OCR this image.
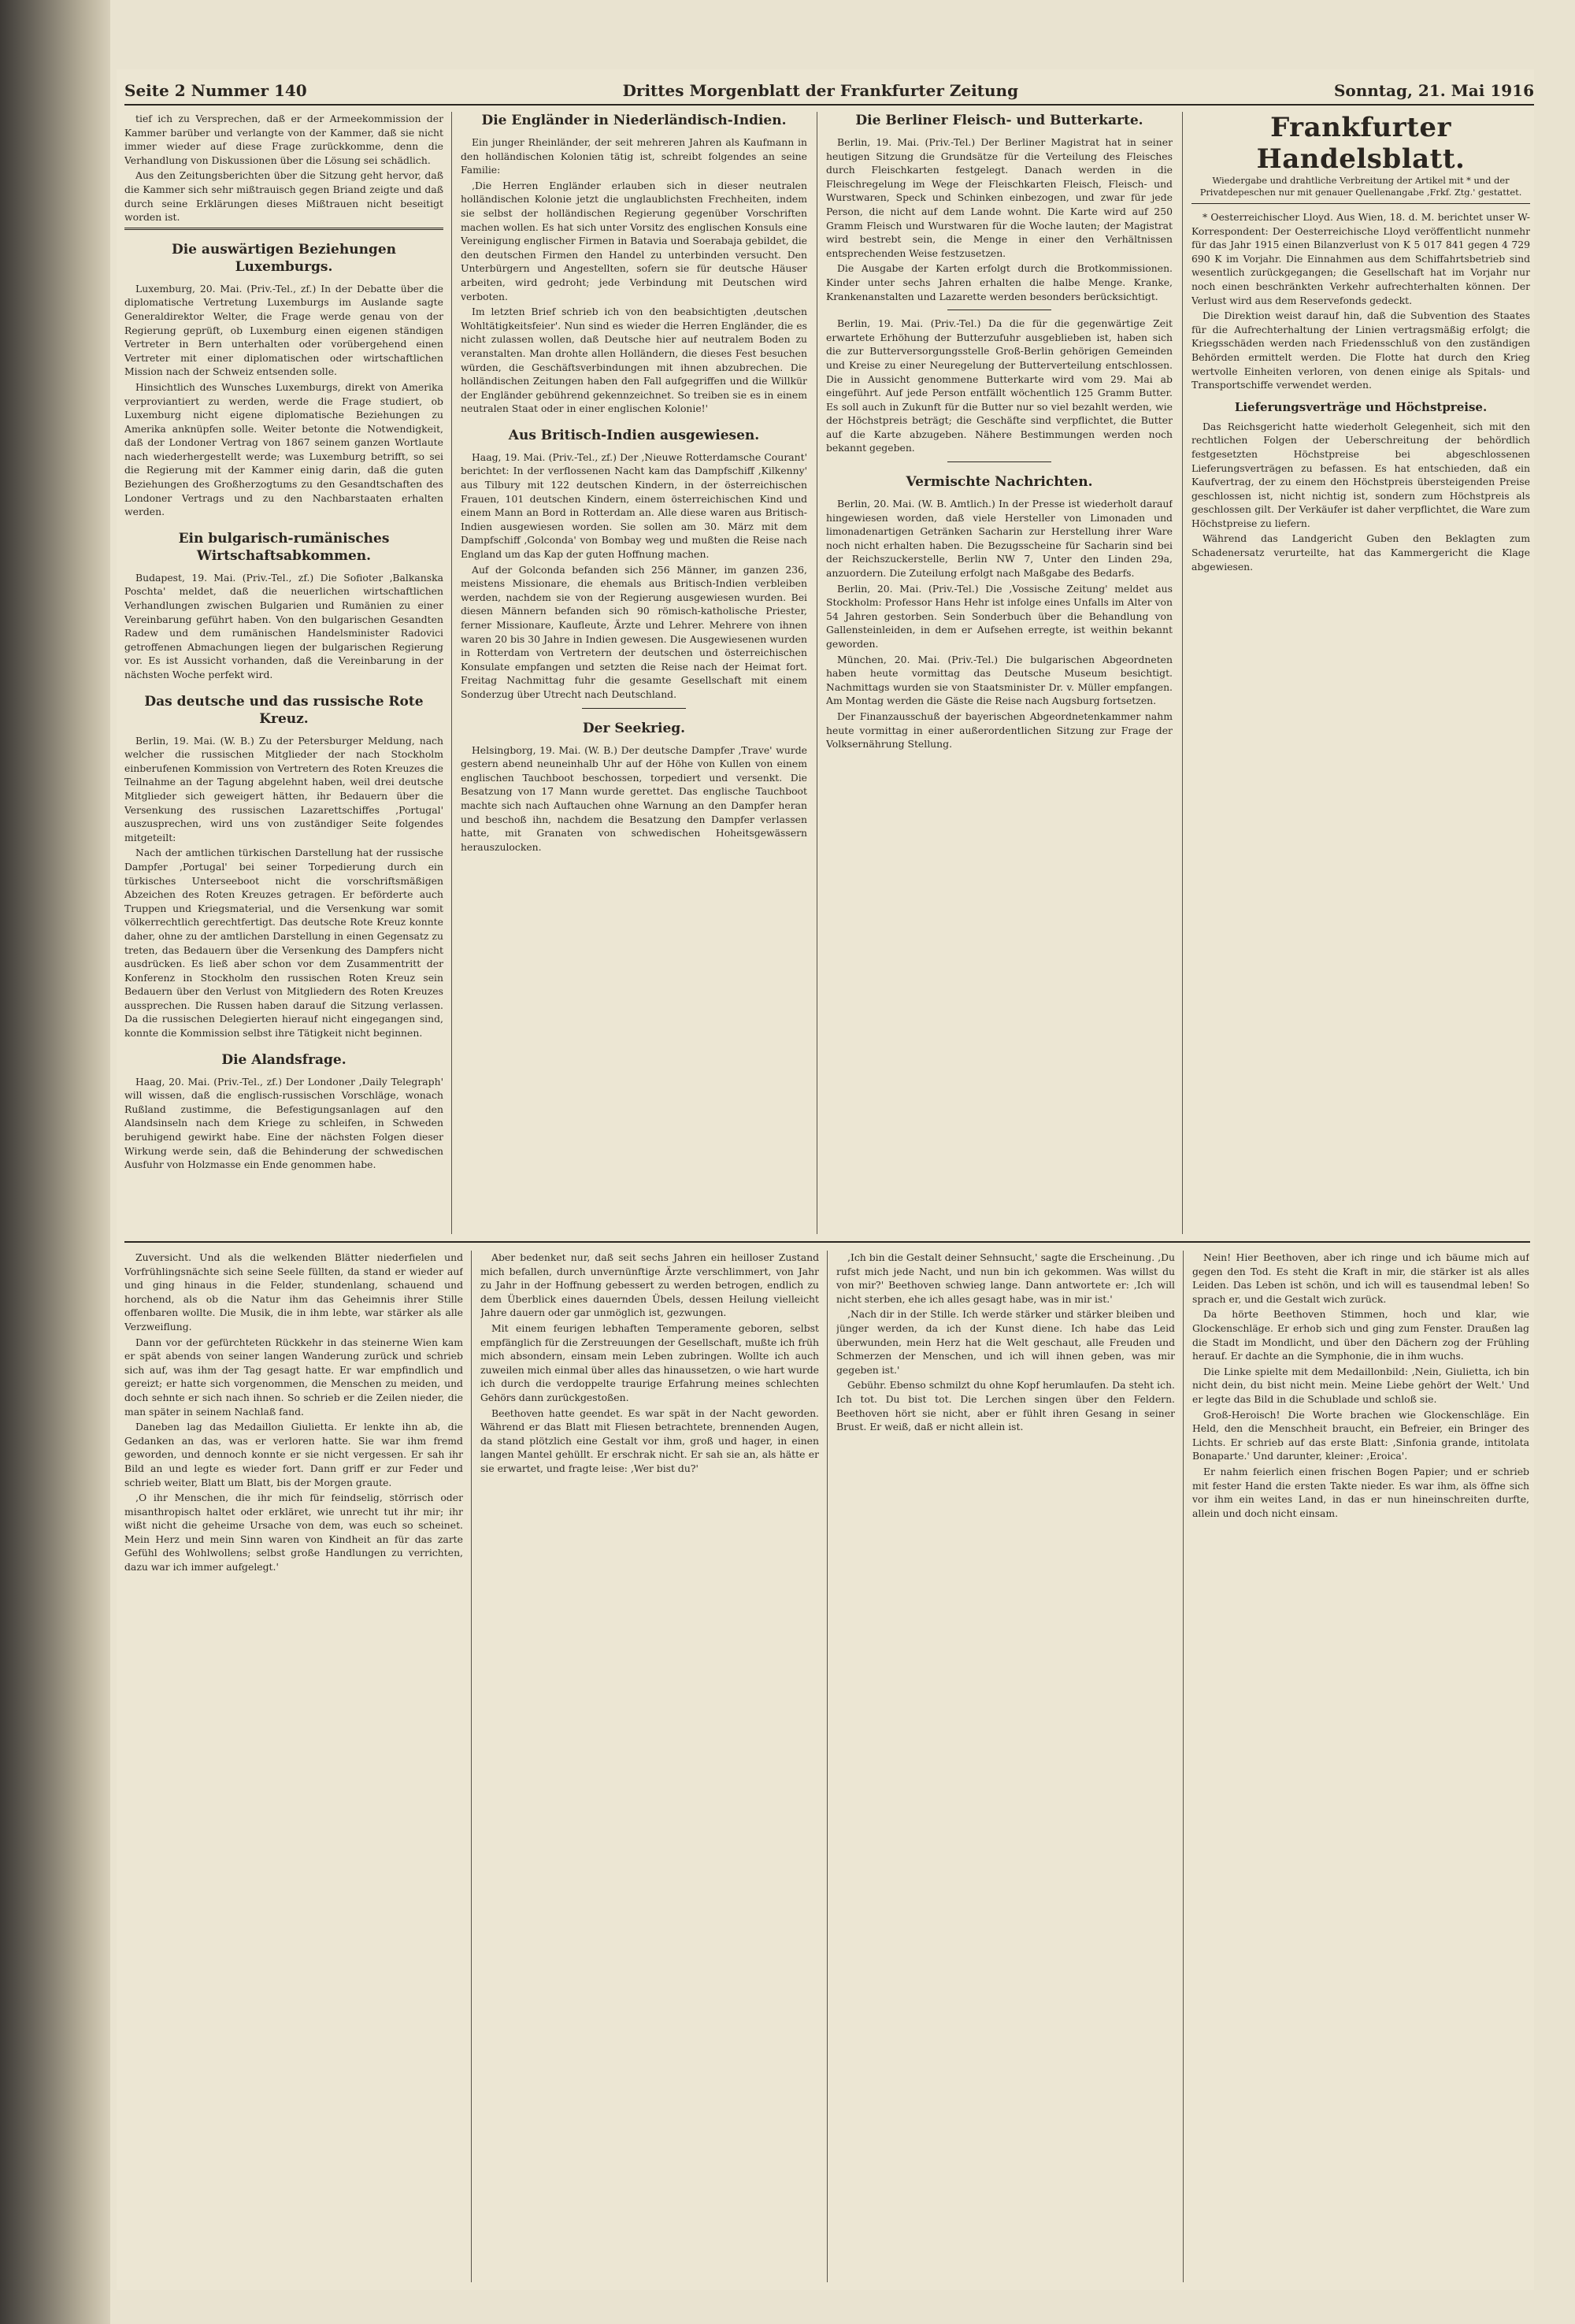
Seite 2 Nummer 140	Drittes Morgenblatt der Frankfurter Zeitung	Sonntag, 21. Mai 1916

tief ich zu Versprechen, daß er der Armeekommission der Kammer barüber und verlangte von der Kammer, daß sie nicht immer wieder auf diese Frage zurückkomme, denn die Verhandlung von Diskussionen über die Lösung sei schädlich.

Aus den Zeitungsberichten über die Sitzung geht hervor, daß die Kammer sich sehr mißtrauisch gegen Briand zeigte und daß durch seine Erklärungen dieses Mißtrauen nicht beseitigt worden ist.

Die auswärtigen Beziehungen Luxemburgs.

Luxemburg, 20. Mai. (Priv.-Tel., zf.) In der Debatte über die diplomatische Vertretung Luxemburgs im Auslande sagte Generaldirektor Welter, die Frage werde genau von der Regierung geprüft, ob Luxemburg einen eigenen ständigen Vertreter in Bern unterhalten oder vorübergehend einen Vertreter mit einer diplomatischen oder wirtschaftlichen Mission nach der Schweiz entsenden solle.

Hinsichtlich des Wunsches Luxemburgs, direkt von Amerika verproviantiert zu werden, werde die Frage studiert, ob Luxemburg nicht eigene diplomatische Beziehungen zu Amerika anknüpfen solle. Weiter betonte die Notwendigkeit, daß der Londoner Vertrag von 1867 seinem ganzen Wortlaute nach wiederhergestellt werde; was Luxemburg betrifft, so sei die Regierung mit der Kammer einig darin, daß die guten Beziehungen des Großherzogtums zu den Gesandtschaften des Londoner Vertrags und zu den Nachbarstaaten erhalten werden.

Ein bulgarisch-rumänisches Wirtschaftsabkommen.

Budapest, 19. Mai. (Priv.-Tel., zf.) Die Sofioter ‚Balkanska Poschta' meldet, daß die neuerlichen wirtschaftlichen Verhandlungen zwischen Bulgarien und Rumänien zu einer Vereinbarung geführt haben. Von den bulgarischen Gesandten Radew und dem rumänischen Handelsminister Radovici getroffenen Abmachungen liegen der bulgarischen Regierung vor. Es ist Aussicht vorhanden, daß die Vereinbarung in der nächsten Woche perfekt wird.

Das deutsche und das russische Rote Kreuz.

Berlin, 19. Mai. (W. B.) Zu der Petersburger Meldung, nach welcher die russischen Mitglieder der nach Stockholm einberufenen Kommission von Vertretern des Roten Kreuzes die Teilnahme an der Tagung abgelehnt haben, weil drei deutsche Mitglieder sich geweigert hätten, ihr Bedauern über die Versenkung des russischen Lazarettschiffes ‚Portugal' auszusprechen, wird uns von zuständiger Seite folgendes mitgeteilt:

Nach der amtlichen türkischen Darstellung hat der russische Dampfer ‚Portugal' bei seiner Torpedierung durch ein türkisches Unterseeboot nicht die vorschriftsmäßigen Abzeichen des Roten Kreuzes getragen. Er beförderte auch Truppen und Kriegsmaterial, und die Versenkung war somit völkerrechtlich gerechtfertigt. Das deutsche Rote Kreuz konnte daher, ohne zu der amtlichen Darstellung in einen Gegensatz zu treten, das Bedauern über die Versenkung des Dampfers nicht ausdrücken. Es ließ aber schon vor dem Zusammentritt der Konferenz in Stockholm den russischen Roten Kreuz sein Bedauern über den Verlust von Mitgliedern des Roten Kreuzes aussprechen. Die Russen haben darauf die Sitzung verlassen. Da die russischen Delegierten hierauf nicht eingegangen sind, konnte die Kommission selbst ihre Tätigkeit nicht beginnen.

Die Alandsfrage.

Haag, 20. Mai. (Priv.-Tel., zf.) Der Londoner ‚Daily Telegraph' will wissen, daß die englisch-russischen Vorschläge, wonach Rußland zustimme, die Befestigungsanlagen auf den Alandsinseln nach dem Kriege zu schleifen, in Schweden beruhigend gewirkt habe. Eine der nächsten Folgen dieser Wirkung werde sein, daß die Behinderung der schwedischen Ausfuhr von Holzmasse ein Ende genommen habe.

Die Engländer in Niederländisch-Indien.

Ein junger Rheinländer, der seit mehreren Jahren als Kaufmann in den holländischen Kolonien tätig ist, schreibt folgendes an seine Familie:

‚Die Herren Engländer erlauben sich in dieser neutralen holländischen Kolonie jetzt die unglaublichsten Frechheiten, indem sie selbst der holländischen Regierung gegenüber Vorschriften machen wollen. Es hat sich unter Vorsitz des englischen Konsuls eine Vereinigung englischer Firmen in Batavia und Soerabaja gebildet, die den deutschen Firmen den Handel zu unterbinden versucht. Den Unterbürgern und Angestellten, sofern sie für deutsche Häuser arbeiten, wird gedroht; jede Verbindung mit Deutschen wird verboten.

Im letzten Brief schrieb ich von den beabsichtigten ‚deutschen Wohltätigkeitsfeier'. Nun sind es wieder die Herren Engländer, die es nicht zulassen wollen, daß Deutsche hier auf neutralem Boden zu veranstalten. Man drohte allen Holländern, die dieses Fest besuchen würden, die Geschäftsverbindungen mit ihnen abzubrechen. Die holländischen Zeitungen haben den Fall aufgegriffen und die Willkür der Engländer gebührend gekennzeichnet. So treiben sie es in einem neutralen Staat oder in einer englischen Kolonie!'

Aus Britisch-Indien ausgewiesen.

Haag, 19. Mai. (Priv.-Tel., zf.) Der ‚Nieuwe Rotterdamsche Courant' berichtet: In der verflossenen Nacht kam das Dampfschiff ‚Kilkenny' aus Tilbury mit 122 deutschen Kindern, in der österreichischen Frauen, 101 deutschen Kindern, einem österreichischen Kind und einem Mann an Bord in Rotterdam an. Alle diese waren aus Britisch-Indien ausgewiesen worden. Sie sollen am 30. März mit dem Dampfschiff ‚Golconda' von Bombay weg und mußten die Reise nach England um das Kap der guten Hoffnung machen.

Auf der Golconda befanden sich 256 Männer, im ganzen 236, meistens Missionare, die ehemals aus Britisch-Indien verbleiben werden, nachdem sie von der Regierung ausgewiesen wurden. Bei diesen Männern befanden sich 90 römisch-katholische Priester, ferner Missionare, Kaufleute, Ärzte und Lehrer. Mehrere von ihnen waren 20 bis 30 Jahre in Indien gewesen. Die Ausgewiesenen wurden in Rotterdam von Vertretern der deutschen und österreichischen Konsulate empfangen und setzten die Reise nach der Heimat fort. Freitag Nachmittag fuhr die gesamte Gesellschaft mit einem Sonderzug über Utrecht nach Deutschland.

Der Seekrieg.

Helsingborg, 19. Mai. (W. B.) Der deutsche Dampfer ‚Trave' wurde gestern abend neuneinhalb Uhr auf der Höhe von Kullen von einem englischen Tauchboot beschossen, torpediert und versenkt. Die Besatzung von 17 Mann wurde gerettet. Das englische Tauchboot machte sich nach Auftauchen ohne Warnung an den Dampfer heran und beschoß ihn, nachdem die Besatzung den Dampfer verlassen hatte, mit Granaten von schwedischen Hoheitsgewässern herauszulocken.

Die Berliner Fleisch- und Butterkarte.

Berlin, 19. Mai. (Priv.-Tel.) Der Berliner Magistrat hat in seiner heutigen Sitzung die Grundsätze für die Verteilung des Fleisches durch Fleischkarten festgelegt. Danach werden in die Fleischregelung im Wege der Fleischkarten Fleisch, Fleisch- und Wurstwaren, Speck und Schinken einbezogen, und zwar für jede Person, die nicht auf dem Lande wohnt. Die Karte wird auf 250 Gramm Fleisch und Wurstwaren für die Woche lauten; der Magistrat wird bestrebt sein, die Menge in einer den Verhältnissen entsprechenden Weise festzusetzen.

Die Ausgabe der Karten erfolgt durch die Brotkommissionen. Kinder unter sechs Jahren erhalten die halbe Menge. Kranke, Krankenanstalten und Lazarette werden besonders berücksichtigt.

Berlin, 19. Mai. (Priv.-Tel.) Da die für die gegenwärtige Zeit erwartete Erhöhung der Butterzufuhr ausgeblieben ist, haben sich die zur Butterversorgungsstelle Groß-Berlin gehörigen Gemeinden und Kreise zu einer Neuregelung der Butterverteilung entschlossen. Die in Aussicht genommene Butterkarte wird vom 29. Mai ab eingeführt. Auf jede Person entfällt wöchentlich 125 Gramm Butter. Es soll auch in Zukunft für die Butter nur so viel bezahlt werden, wie der Höchstpreis beträgt; die Geschäfte sind verpflichtet, die Butter auf die Karte abzugeben. Nähere Bestimmungen werden noch bekannt gegeben.

Vermischte Nachrichten.

Berlin, 20. Mai. (W. B. Amtlich.) In der Presse ist wiederholt darauf hingewiesen worden, daß viele Hersteller von Limonaden und limonadenartigen Getränken Sacharin zur Herstellung ihrer Ware noch nicht erhalten haben. Die Bezugsscheine für Sacharin sind bei der Reichszuckerstelle, Berlin NW 7, Unter den Linden 29a, anzuordern. Die Zuteilung erfolgt nach Maßgabe des Bedarfs.

Berlin, 20. Mai. (Priv.-Tel.) Die ‚Vossische Zeitung' meldet aus Stockholm: Professor Hans Hehr ist infolge eines Unfalls im Alter von 54 Jahren gestorben. Sein Sonderbuch über die Behandlung von Gallensteinleiden, in dem er Aufsehen erregte, ist weithin bekannt geworden.

München, 20. Mai. (Priv.-Tel.) Die bulgarischen Abgeordneten haben heute vormittag das Deutsche Museum besichtigt. Nachmittags wurden sie von Staatsminister Dr. v. Müller empfangen. Am Montag werden die Gäste die Reise nach Augsburg fortsetzen.

Der Finanzausschuß der bayerischen Abgeordnetenkammer nahm heute vormittag in einer außerordentlichen Sitzung zur Frage der Volksernährung Stellung.

Frankfurter Handelsblatt.
Wiedergabe und drahtliche Verbreitung der Artikel mit * und der Privatdepeschen nur mit genauer Quellenangabe ‚Frkf. Ztg.' gestattet.

* Oesterreichischer Lloyd. Aus Wien, 18. d. M. berichtet unser W-Korrespondent: Der Oesterreichische Lloyd veröffentlicht nunmehr für das Jahr 1915 einen Bilanzverlust von K 5 017 841 gegen 4 729 690 K im Vorjahr. Die Einnahmen aus dem Schiffahrtsbetrieb sind wesentlich zurückgegangen; die Gesellschaft hat im Vorjahr nur noch einen beschränkten Verkehr aufrechterhalten können. Der Verlust wird aus dem Reservefonds gedeckt.

Die Direktion weist darauf hin, daß die Subvention des Staates für die Aufrechterhaltung der Linien vertragsmäßig erfolgt; die Kriegsschäden werden nach Friedensschluß von den zuständigen Behörden ermittelt werden. Die Flotte hat durch den Krieg wertvolle Einheiten verloren, von denen einige als Spitals- und Transportschiffe verwendet werden.

Lieferungsverträge und Höchstpreise.

Das Reichsgericht hatte wiederholt Gelegenheit, sich mit den rechtlichen Folgen der Ueberschreitung der behördlich festgesetzten Höchstpreise bei abgeschlossenen Lieferungsverträgen zu befassen. Es hat entschieden, daß ein Kaufvertrag, der zu einem den Höchstpreis übersteigenden Preise geschlossen ist, nicht nichtig ist, sondern zum Höchstpreis als geschlossen gilt. Der Verkäufer ist daher verpflichtet, die Ware zum Höchstpreise zu liefern.

Während das Landgericht Guben den Beklagten zum Schadenersatz verurteilte, hat das Kammergericht die Klage abgewiesen.

Zuversicht. Und als die welkenden Blätter niederfielen und Vorfrühlingsnächte sich seine Seele füllten, da stand er wieder auf und ging hinaus in die Felder, stundenlang, schauend und horchend, als ob die Natur ihm das Geheimnis ihrer Stille offenbaren wollte. Die Musik, die in ihm lebte, war stärker als alle Verzweiflung.

Dann vor der gefürchteten Rückkehr in das steinerne Wien kam er spät abends von seiner langen Wanderung zurück und schrieb sich auf, was ihm der Tag gesagt hatte. Er war empfindlich und gereizt; er hatte sich vorgenommen, die Menschen zu meiden, und doch sehnte er sich nach ihnen. So schrieb er die Zeilen nieder, die man später in seinem Nachlaß fand.

Daneben lag das Medaillon Giulietta. Er lenkte ihn ab, die Gedanken an das, was er verloren hatte. Sie war ihm fremd geworden, und dennoch konnte er sie nicht vergessen. Er sah ihr Bild an und legte es wieder fort. Dann griff er zur Feder und schrieb weiter, Blatt um Blatt, bis der Morgen graute.

‚O ihr Menschen, die ihr mich für feindselig, störrisch oder misanthropisch haltet oder erkläret, wie unrecht tut ihr mir; ihr wißt nicht die geheime Ursache von dem, was euch so scheinet. Mein Herz und mein Sinn waren von Kindheit an für das zarte Gefühl des Wohlwollens; selbst große Handlungen zu verrichten, dazu war ich immer aufgelegt.'

Aber bedenket nur, daß seit sechs Jahren ein heilloser Zustand mich befallen, durch unvernünftige Ärzte verschlimmert, von Jahr zu Jahr in der Hoffnung gebessert zu werden betrogen, endlich zu dem Überblick eines dauernden Übels, dessen Heilung vielleicht Jahre dauern oder gar unmöglich ist, gezwungen.

Mit einem feurigen lebhaften Temperamente geboren, selbst empfänglich für die Zerstreuungen der Gesellschaft, mußte ich früh mich absondern, einsam mein Leben zubringen. Wollte ich auch zuweilen mich einmal über alles das hinaussetzen, o wie hart wurde ich durch die verdoppelte traurige Erfahrung meines schlechten Gehörs dann zurückgestoßen.

Beethoven hatte geendet. Es war spät in der Nacht geworden. Während er das Blatt mit Fliesen betrachtete, brennenden Augen, da stand plötzlich eine Gestalt vor ihm, groß und hager, in einen langen Mantel gehüllt. Er erschrak nicht. Er sah sie an, als hätte er sie erwartet, und fragte leise: ‚Wer bist du?'

‚Ich bin die Gestalt deiner Sehnsucht,' sagte die Erscheinung. ‚Du rufst mich jede Nacht, und nun bin ich gekommen. Was willst du von mir?' Beethoven schwieg lange. Dann antwortete er: ‚Ich will nicht sterben, ehe ich alles gesagt habe, was in mir ist.'

‚Nach dir in der Stille. Ich werde stärker und stärker bleiben und jünger werden, da ich der Kunst diene. Ich habe das Leid überwunden, mein Herz hat die Welt geschaut, alle Freuden und Schmerzen der Menschen, und ich will ihnen geben, was mir gegeben ist.'

Gebühr. Ebenso schmilzt du ohne Kopf herumlaufen. Da steht ich. Ich tot. Du bist tot. Die Lerchen singen über den Feldern. Beethoven hört sie nicht, aber er fühlt ihren Gesang in seiner Brust. Er weiß, daß er nicht allein ist.

Nein! Hier Beethoven, aber ich ringe und ich bäume mich auf gegen den Tod. Es steht die Kraft in mir, die stärker ist als alles Leiden. Das Leben ist schön, und ich will es tausendmal leben! So sprach er, und die Gestalt wich zurück.

Da hörte Beethoven Stimmen, hoch und klar, wie Glockenschläge. Er erhob sich und ging zum Fenster. Draußen lag die Stadt im Mondlicht, und über den Dächern zog der Frühling herauf. Er dachte an die Symphonie, die in ihm wuchs.

Die Linke spielte mit dem Medaillonbild: ‚Nein, Giulietta, ich bin nicht dein, du bist nicht mein. Meine Liebe gehört der Welt.' Und er legte das Bild in die Schublade und schloß sie.

Groß-Heroisch! Die Worte brachen wie Glockenschläge. Ein Held, den die Menschheit braucht, ein Befreier, ein Bringer des Lichts. Er schrieb auf das erste Blatt: ‚Sinfonia grande, intitolata Bonaparte.' Und darunter, kleiner: ‚Eroica'.

Er nahm feierlich einen frischen Bogen Papier; und er schrieb mit fester Hand die ersten Takte nieder. Es war ihm, als öffne sich vor ihm ein weites Land, in das er nun hineinschreiten durfte, allein und doch nicht einsam.
